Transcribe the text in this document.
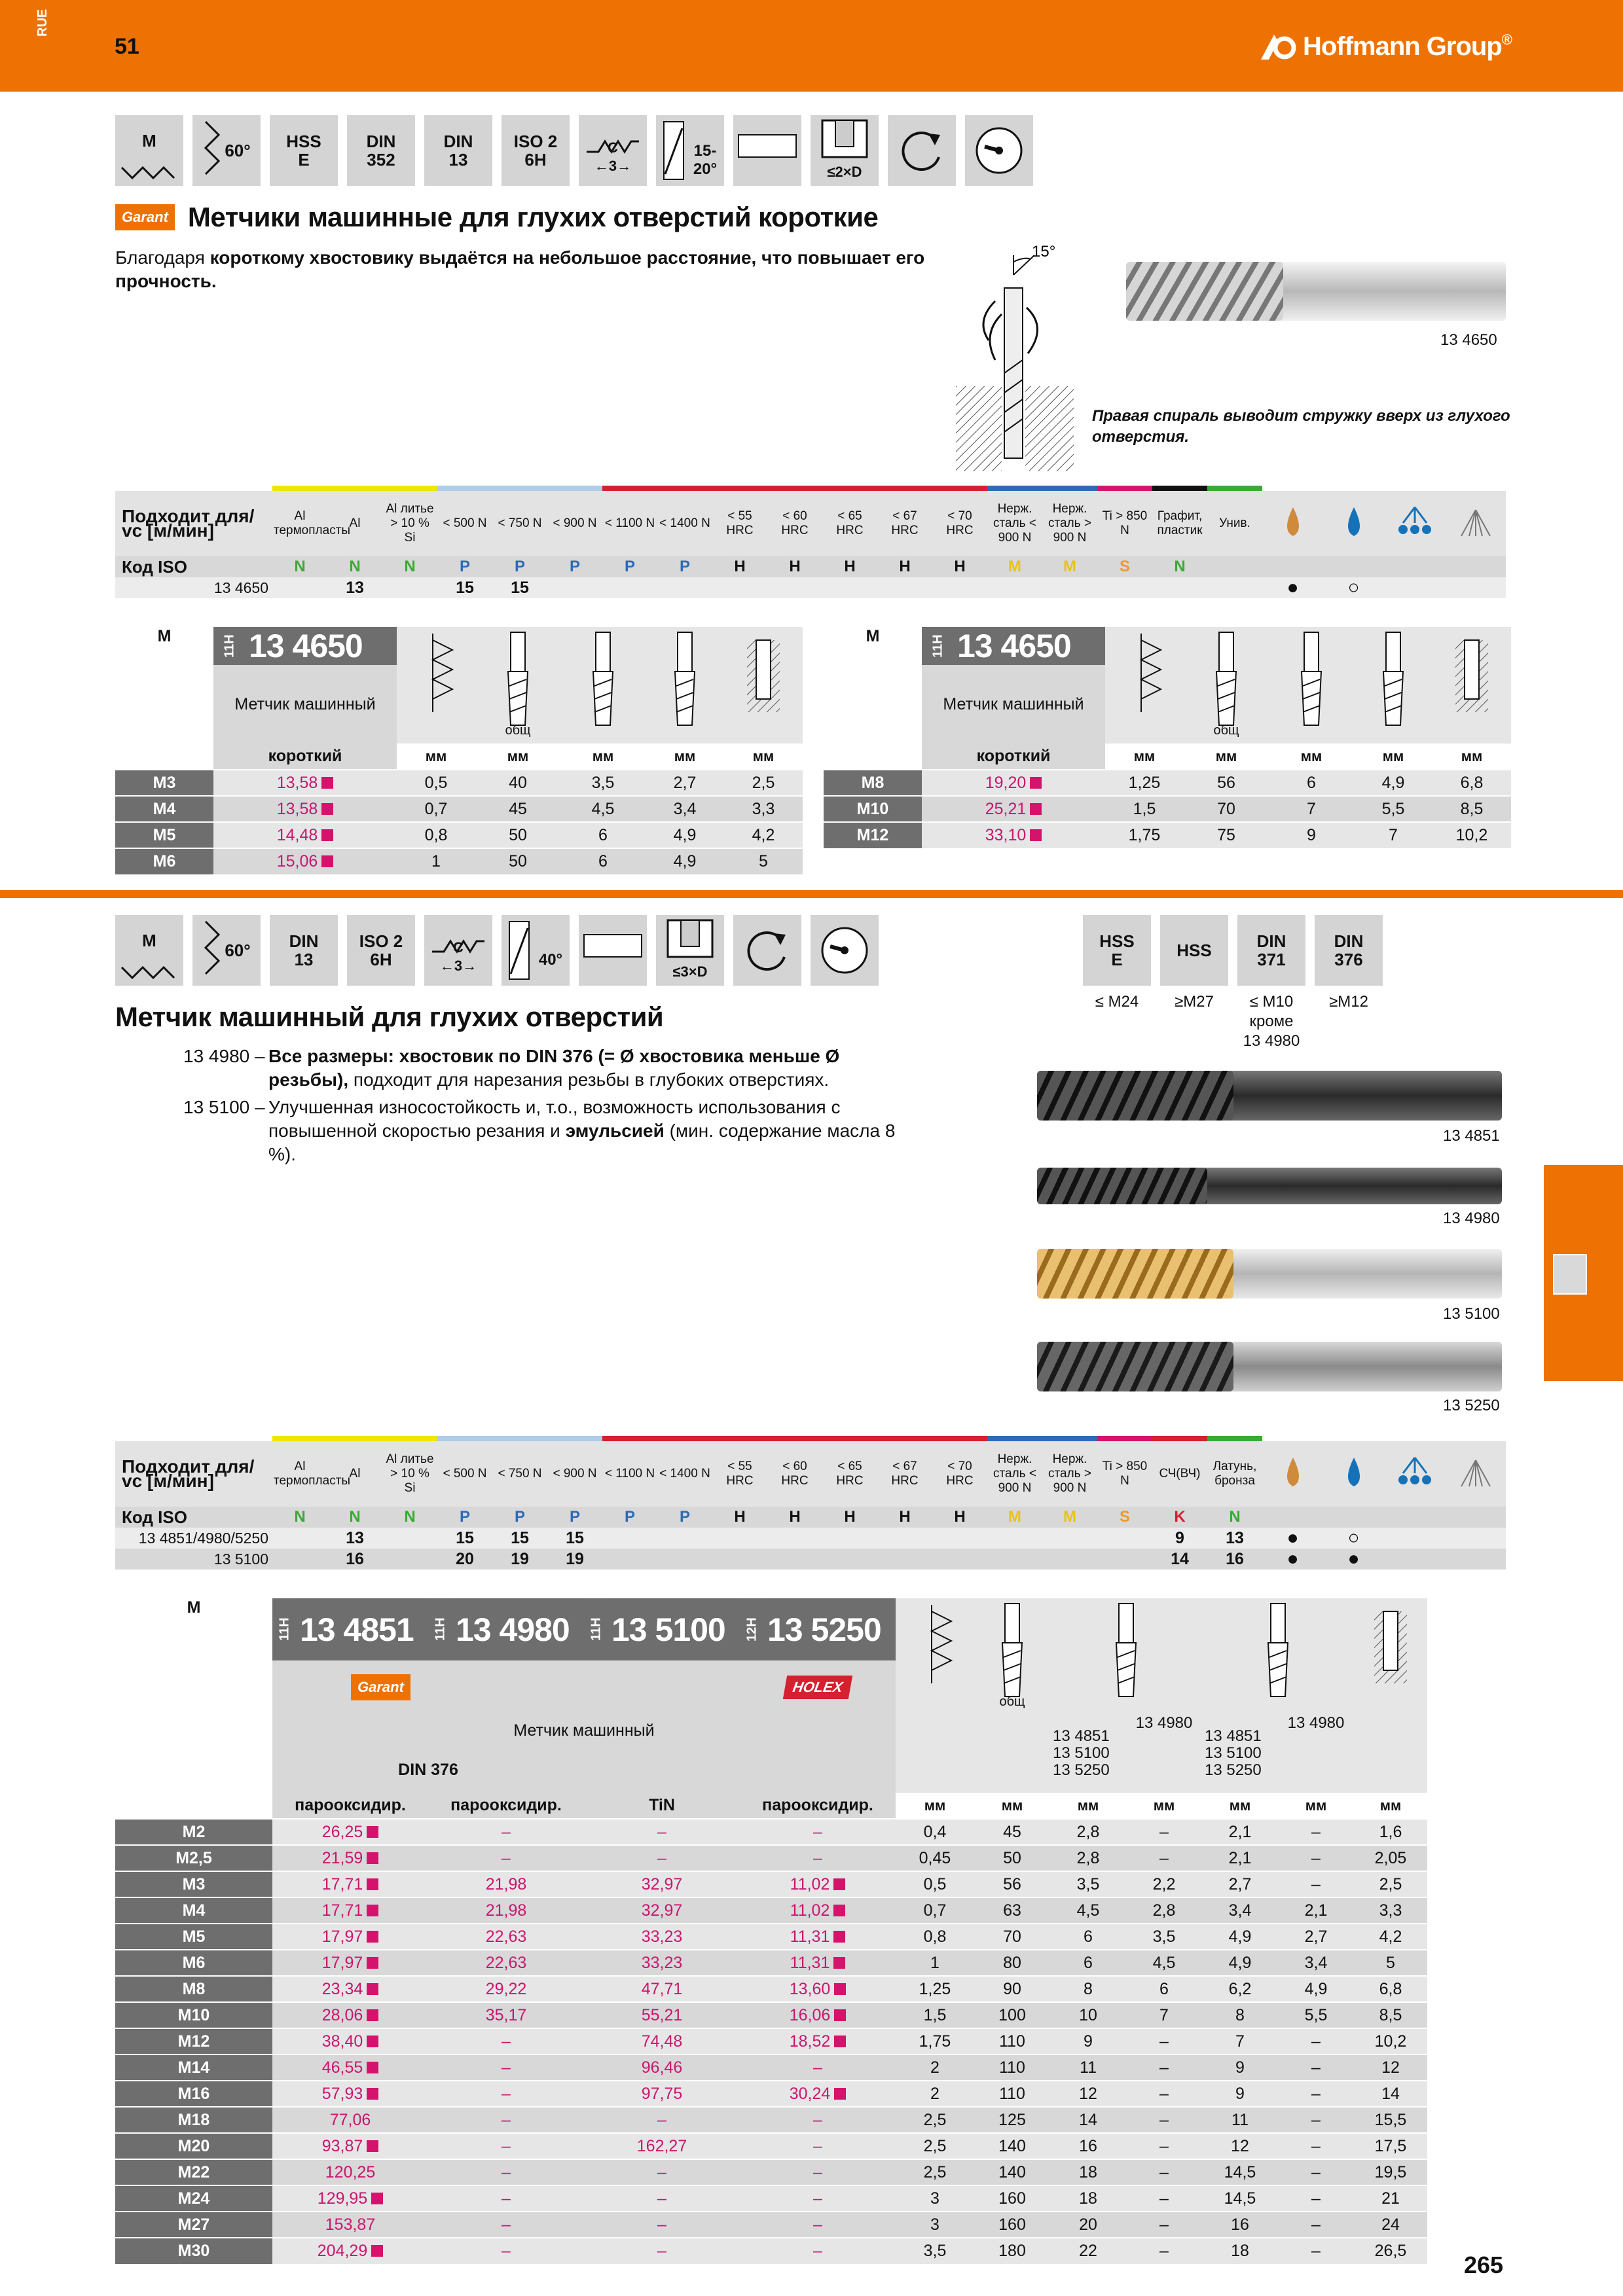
RUE
51	Hoffmann Group ®
M	60° HSS
E
DIN
352
DIN
13
ISO 2
6H
C
←3→
15- 20°	≤2×D
Garant Метчики машинные для глухих отверстий короткие
Благодаря короткому хвостовику выдаётся на небольшое расстояние, что повышает его прочность.
15°
13 4650
Правая спираль выводит стружку вверх из глухого отверстия.

Подходит для/ vc [м/мин]	Al термопласты	Al	Al литье > 10 % Si	< 500 N	< 750 N	< 900 N	< 1100 N	< 1400 N	< 55 HRC	< 60 HRC	< 65 HRC	< 67 HRC	< 70 HRC	Нерж. сталь < 900 N	Нерж. сталь > 900 N	Ti > 850 N	Графит, пластик	Унив.				
Код ISO	N	N	N	P	P	P	P	P	H	H	H	H	H	M	M	S	N					
13 4650		13		15	15														●	○		
M	11H	13 4650		общ

	Метчик машинный						
	короткий		мм	мм	мм	мм	мм
M3	13,58		0,5	40	3,5	2,7	2,5
M4	13,58		0,7	45	4,5	3,4	3,3
M5	14,48		0,8	50	6	4,9	4,2
M6	15,06		1	50	6	4,9	5
M	11H	13 4650		общ

	Метчик машинный						
	короткий		мм	мм	мм	мм	мм
M8	19,20		1,25	56	6	4,9	6,8
M10	25,21		1,5	70	7	5,5	8,5
M12	33,10		1,75	75	9	7	10,2
M	60° DIN
13
ISO 2
6H
C
←3→	40°
≤3×D
HSS
E
≤ M24
HSS
≥M27
DIN
371
≤ M10
кроме
13 4980
DIN
376
≥M12
Метчик машинный для глухих отверстий
13 4980 – Все размеры: хвостовик по DIN 376 (= Ø хвостовика меньше Ø резьбы), подходит для нарезания резьбы в глубоких отверстиях.
13 5100 – Улучшенная износостойкость и, т.о., возможность использования с повышенной скоростью резания и эмульсией (мин. содержание масла 8 %).
13 4851
13 4980
13 5100
13 5250

Подходит для/ vc [м/мин]	Al термопласты	Al	Al литье > 10 % Si	< 500 N	< 750 N	< 900 N	< 1100 N	< 1400 N	< 55 HRC	< 60 HRC	< 65 HRC	< 67 HRC	< 70 HRC	Нерж. сталь < 900 N	Нерж. сталь > 900 N	Ti > 850 N	СЧ(ВЧ)	Латунь, бронза				
Код ISO	N	N	N	P	P	P	P	P	H	H	H	H	H	M	M	S	K	N				
13 4851/4980/5250		13		15	15	15											9	13	●	○		
13 5100		16		20	19	19											14	16	●	●		
M	11H	13 4851	11H	13 4980	11H	13 5100	12H	13 5250		общ

	Garant						HOLEX								
	Метчик машинный										13 4851
13 5100
13 5250	13 4980	13 4851
13 5100
13 5250	13 4980	
	DIN 376														
	парооксидир.		парооксидир.		TiN		парооксидир.		мм	мм	мм	мм	мм	мм	мм
M2	26,25		–		–		–		0,4	45	2,8	–	2,1	–	1,6
M2,5	21,59		–		–		–		0,45	50	2,8	–	2,1	–	2,05
M3	17,71		21,98		32,97		11,02		0,5	56	3,5	2,2	2,7	–	2,5
M4	17,71		21,98		32,97		11,02		0,7	63	4,5	2,8	3,4	2,1	3,3
M5	17,97		22,63		33,23		11,31		0,8	70	6	3,5	4,9	2,7	4,2
M6	17,97		22,63		33,23		11,31		1	80	6	4,5	4,9	3,4	5
M8	23,34		29,22		47,71		13,60		1,25	90	8	6	6,2	4,9	6,8
M10	28,06		35,17		55,21		16,06		1,5	100	10	7	8	5,5	8,5
M12	38,40		–		74,48		18,52		1,75	110	9	–	7	–	10,2
M14	46,55		–		96,46		–		2	110	11	–	9	–	12
M16	57,93		–		97,75		30,24		2	110	12	–	9	–	14
M18	77,06		–		–		–		2,5	125	14	–	11	–	15,5
M20	93,87		–		162,27		–		2,5	140	16	–	12	–	17,5
M22	120,25		–		–		–		2,5	140	18	–	14,5	–	19,5
M24	129,95		–		–		–		3	160	18	–	14,5	–	21
M27	153,87		–		–		–		3	160	20	–	16	–	24
M30	204,29		–		–		–		3,5	180	22	–	18	–	26,5
265
